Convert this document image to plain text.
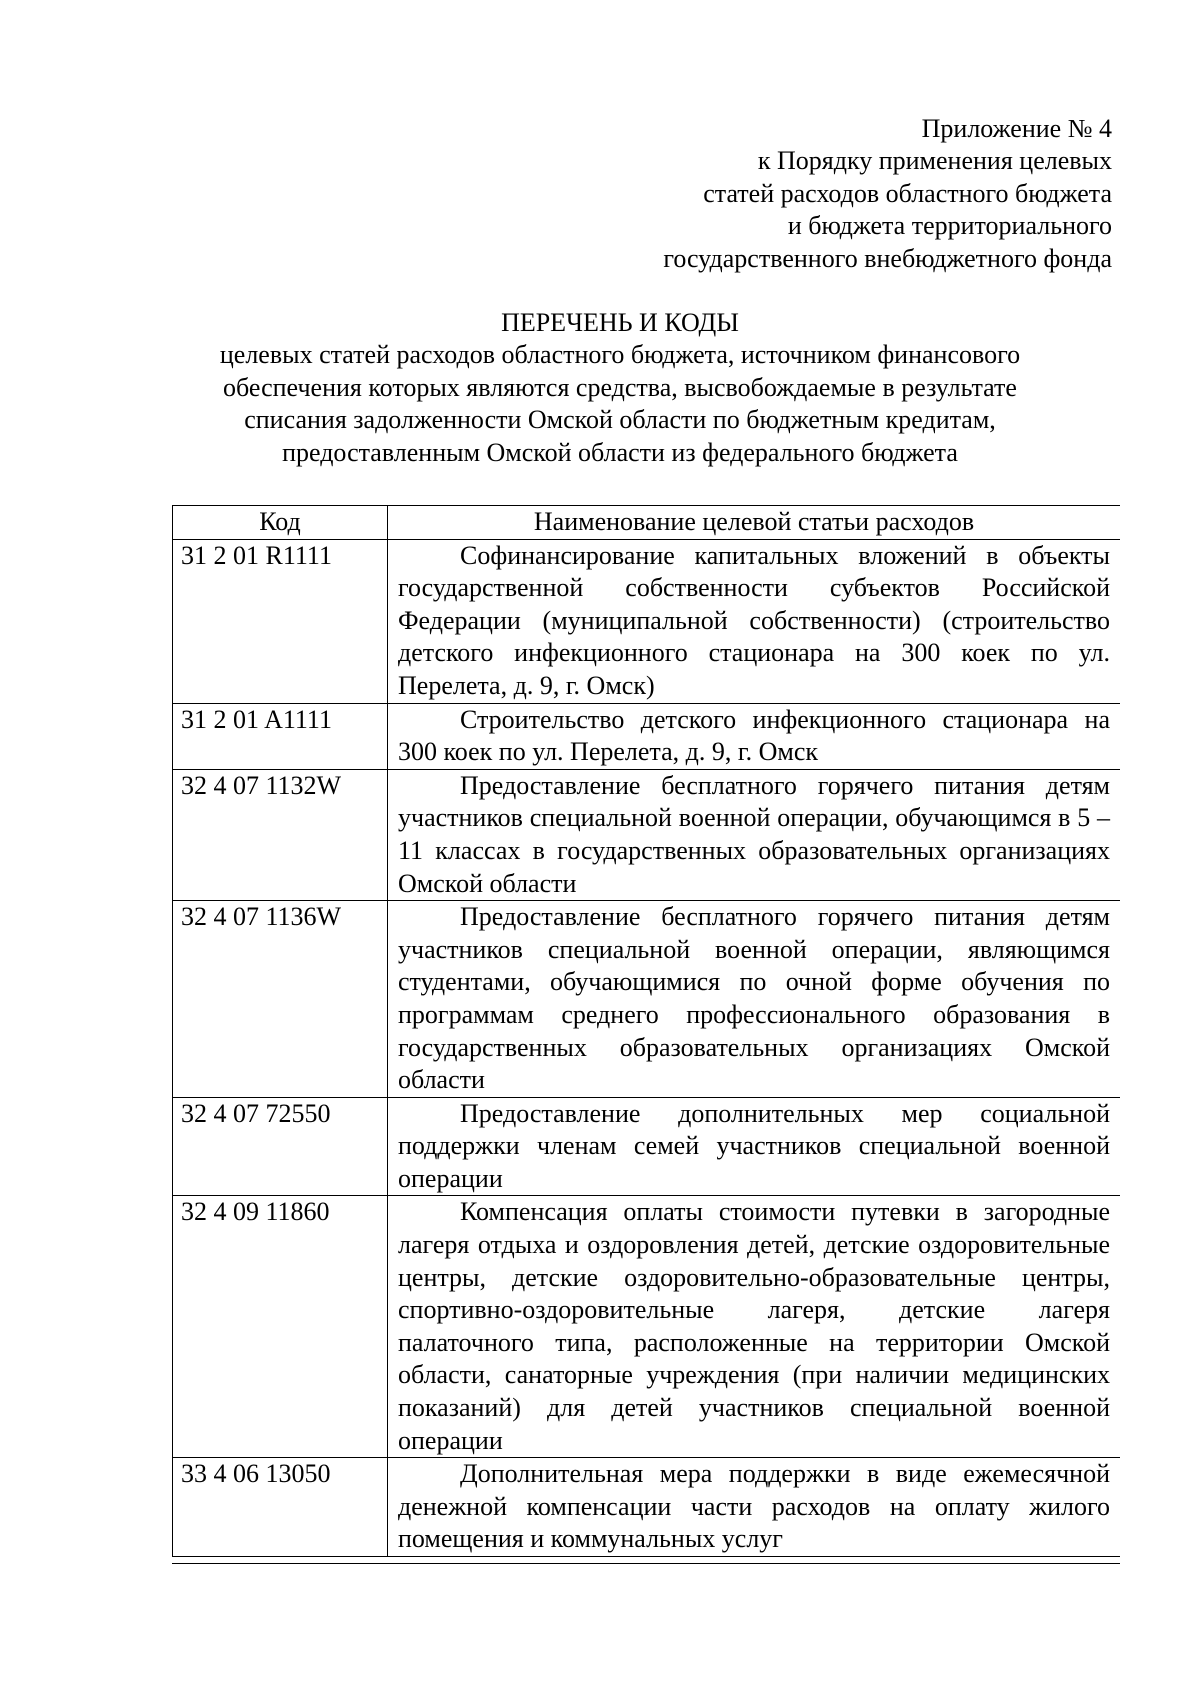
Приложение № 4
к Порядку применения целевых
статей расходов областного бюджета
и бюджета территориального
государственного внебюджетного фонда
ПЕРЕЧЕНЬ И КОДЫ
целевых статей расходов областного бюджета, источником финансового
обеспечения которых являются средства, высвобождаемые в результате
списания задолженности Омской области по бюджетным кредитам,
предоставленным Омской области из федерального бюджета
Код	Наименование целевой статьи расходов
31 2 01 R1111	Софинансирование капитальных вложений в объекты государственной собственности субъектов Российской Федерации (муниципальной собственности) (строительство детского инфекционного стационара на 300 коек по ул. Перелета, д. 9, г. Омск)
31 2 01 A1111	Строительство детского инфекционного стационара на 300 коек по ул. Перелета, д. 9, г. Омск
32 4 07 1132W	Предоставление бесплатного горячего питания детям участников специальной военной операции, обучающимся в 5 – 11 классах в государственных образовательных организациях Омской области
32 4 07 1136W	Предоставление бесплатного горячего питания детям участников специальной военной операции, являющимся студентами, обучающимися по очной форме обучения по программам среднего профессионального образования в государственных образовательных организациях Омской области
32 4 07 72550	Предоставление дополнительных мер социальной поддержки членам семей участников специальной военной операции
32 4 09 11860	Компенсация оплаты стоимости путевки в загородные лагеря отдыха и оздоровления детей, детские оздоровительные центры, детские оздоровительно-образовательные центры, спортивно-оздоровительные лагеря, детские лагеря палаточного типа, расположенные на территории Омской области, санаторные учреждения (при наличии медицинских показаний) для детей участников специальной военной операции
33 4 06 13050	Дополнительная мера поддержки в виде ежемесячной денежной компенсации части расходов на оплату жилого помещения и коммунальных услуг
